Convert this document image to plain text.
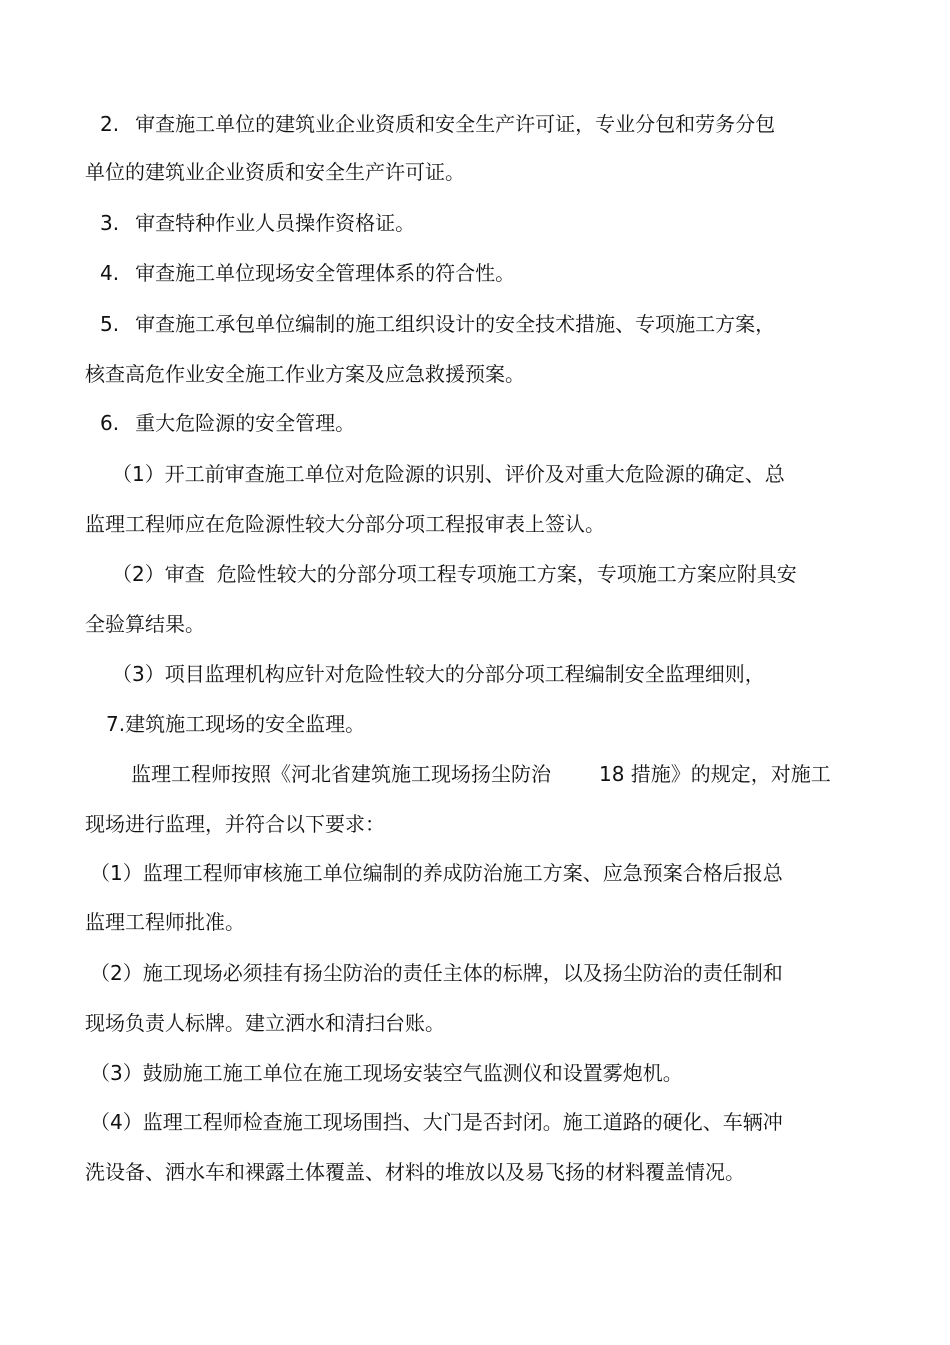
2. 审查施工单位的建筑业企业资质和安全生产许可证，专业分包和劳务分包
单位的建筑业企业资质和安全生产许可证。
3. 审查特种作业人员操作资格证。
4. 审查施工单位现场安全管理体系的符合性。
5. 审查施工承包单位编制的施工组织设计的安全技术措施、专项施工方案，
核查高危作业安全施工作业方案及应急救援预案。
6. 重大危险源的安全管理。
（1）开工前审查施工单位对危险源的识别、评价及对重大危险源的确定、总
监理工程师应在危险源性较大分部分项工程报审表上签认。
（2）审查 危险性较大的分部分项工程专项施工方案，专项施工方案应附具安
全验算结果。
（3）项目监理机构应针对危险性较大的分部分项工程编制安全监理细则，
7.建筑施工现场的安全监理。
监理工程师按照《河北省建筑施工现场扬尘防治 18 措施》的规定，对施工
现场进行监理，并符合以下要求：
（1）监理工程师审核施工单位编制的养成防治施工方案、应急预案合格后报总
监理工程师批准。
（2）施工现场必须挂有扬尘防治的责任主体的标牌，以及扬尘防治的责任制和
现场负责人标牌。建立洒水和清扫台账。
（3）鼓励施工施工单位在施工现场安装空气监测仪和设置雾炮机。
（4）监理工程师检查施工现场围挡、大门是否封闭。施工道路的硬化、车辆冲
洗设备、洒水车和裸露土体覆盖、材料的堆放以及易飞扬的材料覆盖情况。
